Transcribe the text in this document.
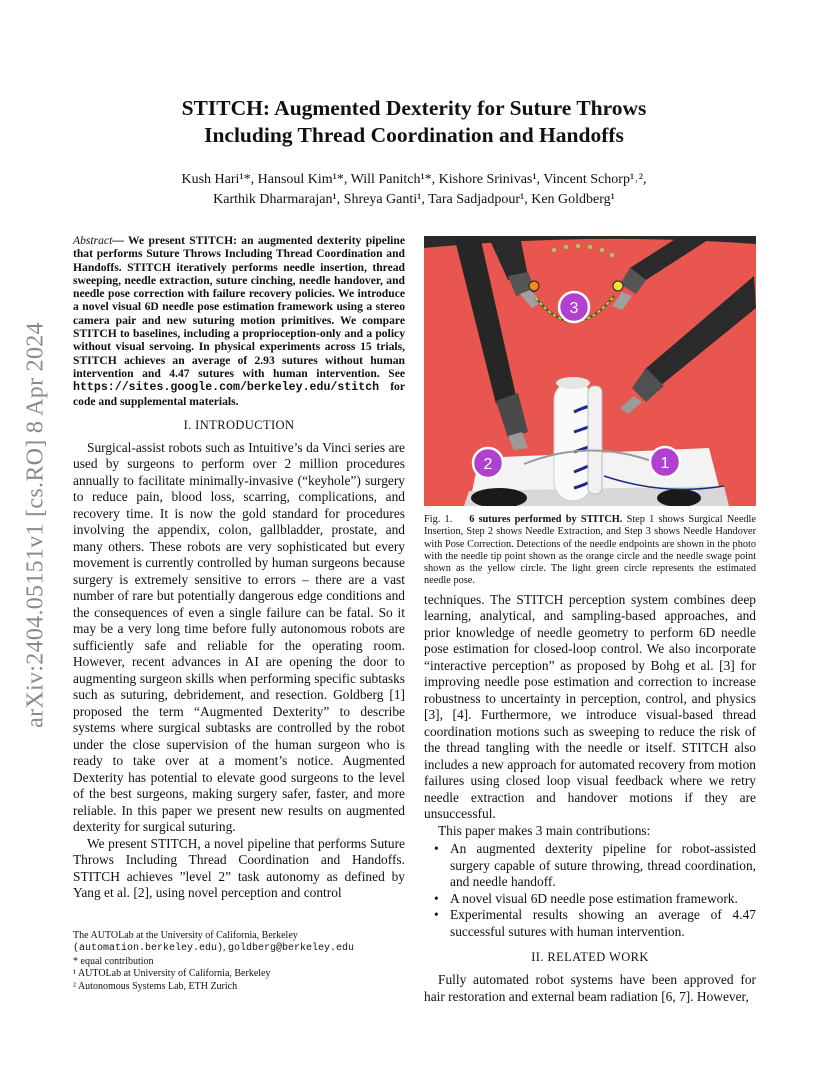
arXiv:2404.05151v1 [cs.RO] 8 Apr 2024
STITCH: Augmented Dexterity for Suture Throws
Including Thread Coordination and Handoffs

Kush Hari¹*, Hansoul Kim¹*, Will Panitch¹*, Kishore Srinivas¹, Vincent Schorp¹˒²,

Karthik Dharmarajan¹, Shreya Ganti¹, Tara Sadjadpour¹, Ken Goldberg¹

Abstract— We present STITCH: an augmented dexterity pipeline that performs Suture Throws Including Thread Coordination and Handoffs. STITCH iteratively performs needle insertion, thread sweeping, needle extraction, suture cinching, needle handover, and needle pose correction with failure recovery policies. We introduce a novel visual 6D needle pose estimation framework using a stereo camera pair and new suturing motion primitives. We compare STITCH to baselines, including a proprioception-only and a policy without visual servoing. In physical experiments across 15 trials, STITCH achieves an average of 2.93 sutures without human intervention and 4.47 sutures with human intervention. See https://sites.google.com/berkeley.edu/stitch for code and supplemental materials.

I. INTRODUCTION

Surgical-assist robots such as Intuitive’s da Vinci series are used by surgeons to perform over 2 million procedures annually to facilitate minimally-invasive (“keyhole”) surgery to reduce pain, blood loss, scarring, complications, and recovery time. It is now the gold standard for procedures involving the appendix, colon, gallbladder, prostate, and many others. These robots are very sophisticated but every movement is currently controlled by human surgeons because surgery is extremely sensitive to errors – there are a vast number of rare but potentially dangerous edge conditions and the consequences of even a single failure can be fatal. So it may be a very long time before fully autonomous robots are sufficiently safe and reliable for the operating room. However, recent advances in AI are opening the door to augmenting surgeon skills when performing specific subtasks such as suturing, debridement, and resection. Goldberg [1] proposed the term “Augmented Dexterity” to describe systems where surgical subtasks are controlled by the robot under the close supervision of the human surgeon who is ready to take over at a moment’s notice. Augmented Dexterity has potential to elevate good surgeons to the level of the best surgeons, making surgery safer, faster, and more reliable. In this paper we present new results on augmented dexterity for surgical suturing.

We present STITCH, a novel pipeline that performs Suture Throws Including Thread Coordination and Handoffs. STITCH achieves ”level 2” task autonomy as defined by Yang et al. [2], using novel perception and control

The AUTOLab at the University of California, Berkeley
(automation.berkeley.edu), goldberg@berkeley.edu
* equal contribution
¹ AUTOLab at University of California, Berkeley
² Autonomous Systems Lab, ETH Zurich
3
2	1

Fig. 1. 6 sutures performed by STITCH. Step 1 shows Surgical Needle Insertion, Step 2 shows Needle Extraction, and Step 3 shows Needle Handover with Pose Correction. Detections of the needle endpoints are shown in the photo with the needle tip point shown as the orange circle and the needle swage point shown as the yellow circle. The light green circle represents the estimated needle pose.

techniques. The STITCH perception system combines deep learning, analytical, and sampling-based approaches, and prior knowledge of needle geometry to perform 6D needle pose estimation for closed-loop control. We also incorporate “interactive perception” as proposed by Bohg et al. [3] for improving needle pose estimation and correction to increase robustness to uncertainty in perception, control, and physics [3], [4]. Furthermore, we introduce visual-based thread coordination motions such as sweeping to reduce the risk of the thread tangling with the needle or itself. STITCH also includes a new approach for automated recovery from motion failures using closed loop visual feedback where we retry needle extraction and handover motions if they are unsuccessful.

This paper makes 3 main contributions:

• An augmented dexterity pipeline for robot-assisted surgery capable of suture throwing, thread coordination, and needle handoff.
• A novel visual 6D needle pose estimation framework.
• Experimental results showing an average of 4.47 successful sutures with human intervention.
II. RELATED WORK

Fully automated robot systems have been approved for hair restoration and external beam radiation [6, 7]. However,
